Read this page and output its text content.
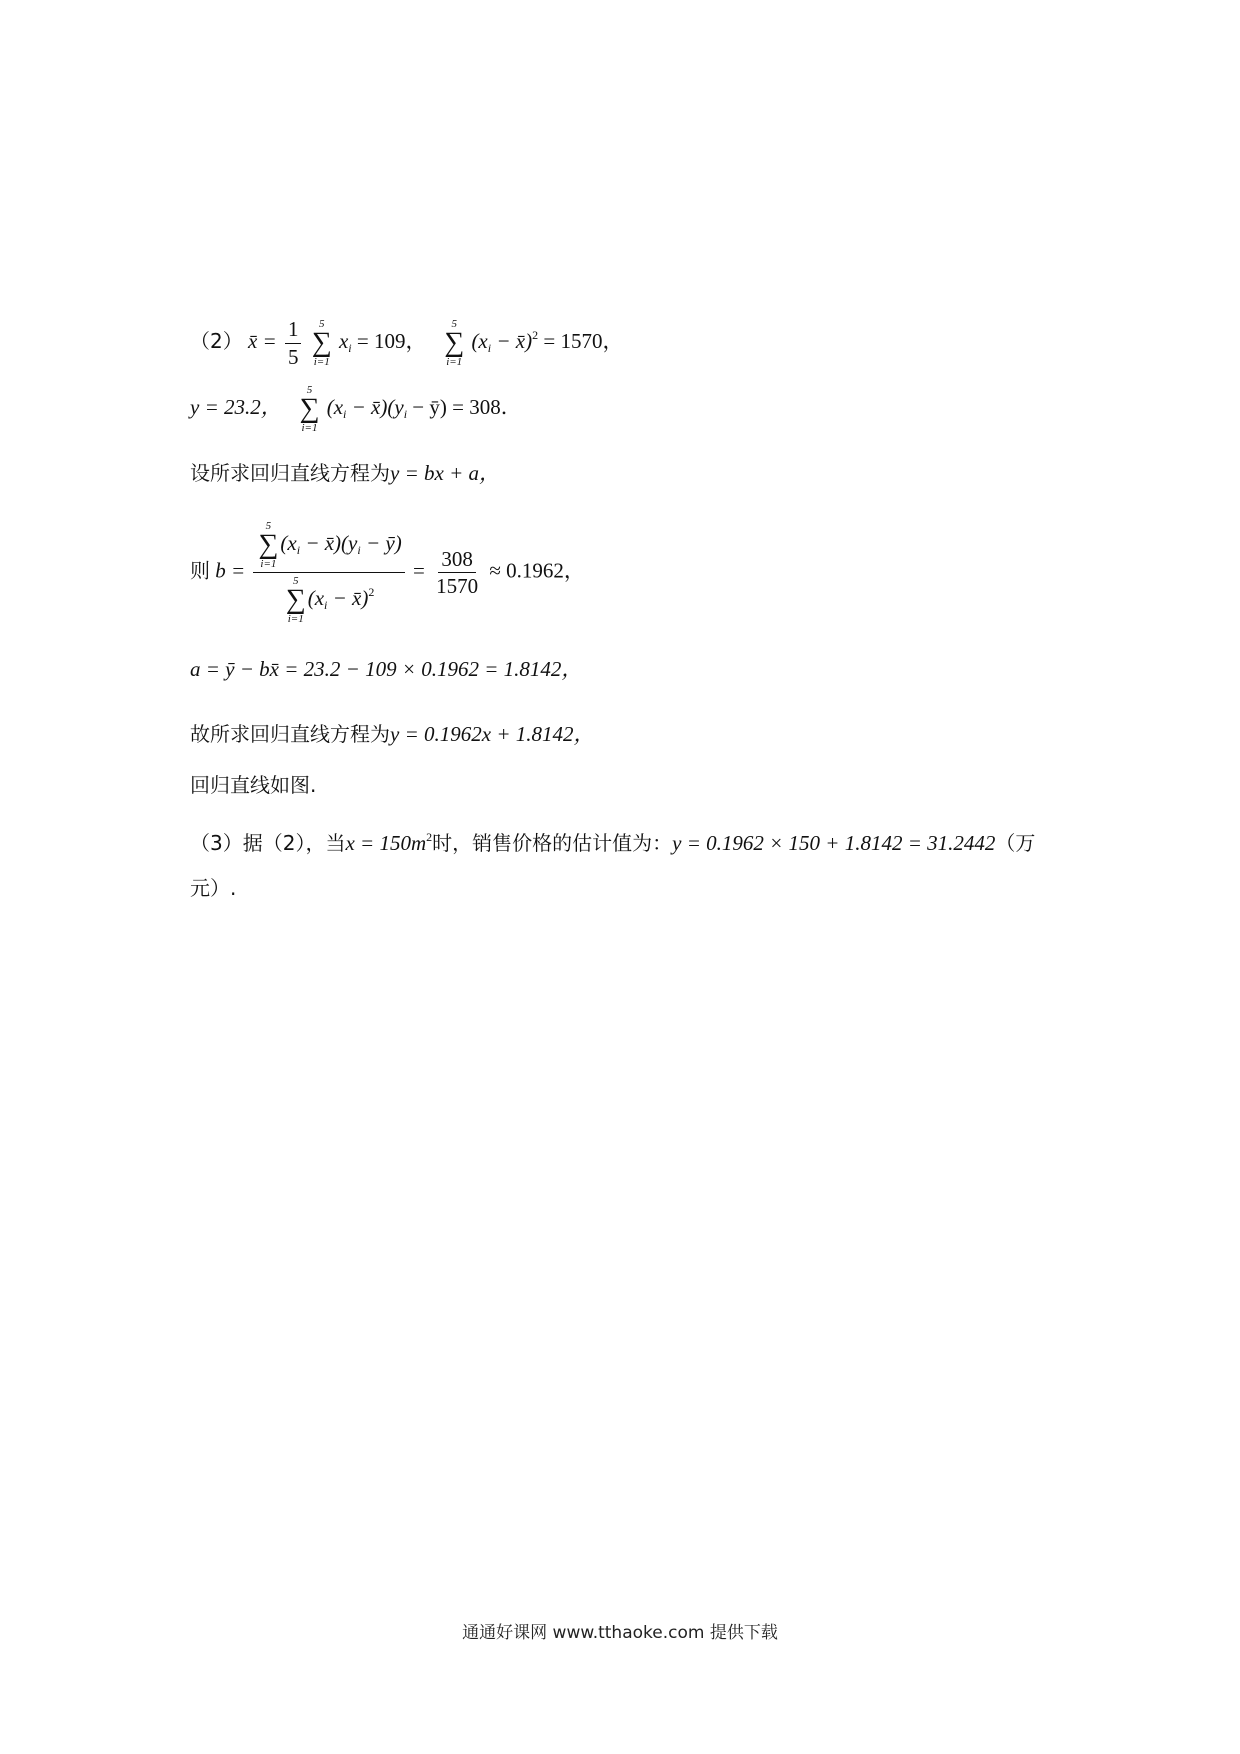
（2） x̄ = $\frac{1}{5}$
5
∑
i=1
$x_i = 109$，
5
∑
i=1
($x_i$ − x̄)$^2$ = 1570，
y = 23.2，
5
∑
i=1
($x_i$ − $x̄)(y_i$ − ȳ) = 308．
设所求回归直线方程为y = bx + a，
则 b = 5
∑
i=1
($x_i$ − $x̄)(y_i$ − ȳ)
5
∑
i=1
($x_i$ − x̄)$^2$ = $\frac{308}{1570} \approx 0.1962$，
a = ȳ − bx̄ = 23.2 − 109 × 0.1962 = 1.8142，
故所求回归直线方程为y = 0.1962x + 1.8142，
回归直线如图.
（3）据（2），当$x = 150m^2$时，销售价格的估计值为：y = 0.1962 × 150 + 1.8142 = 31.2442（万
元）.
通通好课网 www.tthaoke.com 提供下载
